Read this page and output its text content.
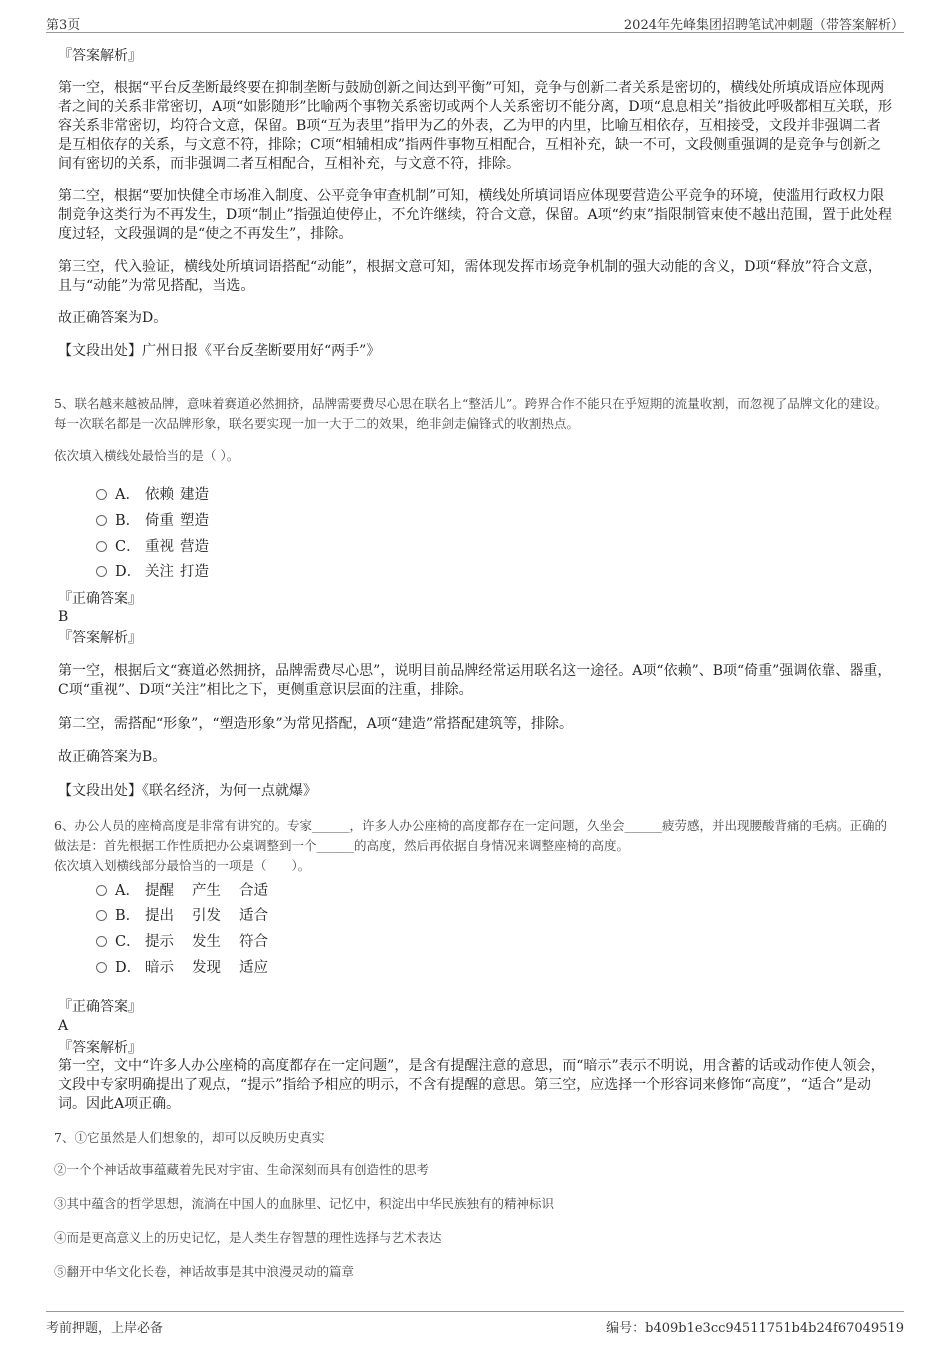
第3页	2024年先峰集团招聘笔试冲刺题（带答案解析）

『答案解析』

第一空，根据“平台反垄断最终要在抑制垄断与鼓励创新之间达到平衡”可知，竞争与创新二者关系是密切的，横线处所填成语应体现两者之间的关系非常密切，A项“如影随形”比喻两个事物关系密切或两个人关系密切不能分离，D项“息息相关”指彼此呼吸都相互关联，形容关系非常密切，均符合文意，保留。B项“互为表里”指甲为乙的外表，乙为甲的内里，比喻互相依存，互相接受，文段并非强调二者是互相依存的关系，与文意不符，排除；C项“相辅相成”指两件事物互相配合，互相补充，缺一不可，文段侧重强调的是竞争与创新之间有密切的关系，而非强调二者互相配合，互相补充，与文意不符，排除。

第二空，根据“要加快健全市场准入制度、公平竞争审查机制”可知，横线处所填词语应体现要营造公平竞争的环境，使滥用行政权力限制竞争这类行为不再发生，D项“制止”指强迫使停止，不允许继续，符合文意，保留。A项“约束”指限制管束使不越出范围，置于此处程度过轻，文段强调的是“使之不再发生”，排除。

第三空，代入验证，横线处所填词语搭配“动能”，根据文意可知，需体现发挥市场竞争机制的强大动能的含义，D项“释放”符合文意，且与“动能”为常见搭配，当选。

故正确答案为D。

【文段出处】广州日报《平台反垄断要用好“两手”》

5、联名越来越被品牌，意味着赛道必然拥挤，品牌需要费尽心思在联名上“整活儿”。跨界合作不能只在乎短期的流量收割，而忽视了品牌文化的建设。每一次联名都是一次品牌形象，联名要实现一加一大于二的效果，绝非剑走偏锋式的收割热点。

依次填入横线处最恰当的是（ ）。

A． 依赖 建造
B． 倚重 塑造
C． 重视 营造
D． 关注 打造

『正确答案』

B

『答案解析』

第一空，根据后文“赛道必然拥挤，品牌需费尽心思”，说明目前品牌经常运用联名这一途径。A项“依赖”、B项“倚重”强调依靠、器重，C项“重视”、D项“关注”相比之下，更侧重意识层面的注重，排除。

第二空，需搭配“形象”，“塑造形象”为常见搭配，A项“建造”常搭配建筑等，排除。

故正确答案为B。

【文段出处】《联名经济，为何一点就爆》

6、办公人员的座椅高度是非常有讲究的。专家______，许多人办公座椅的高度都存在一定问题，久坐会______疲劳感，并出现腰酸背痛的毛病。正确的做法是：首先根据工作性质把办公桌调整到一个______的高度，然后再依据自身情况来调整座椅的高度。

依次填入划横线部分最恰当的一项是（　　）。

A． 提醒 产生 合适
B． 提出 引发 适合
C． 提示 发生 符合
D． 暗示 发现 适应

『正确答案』

A

『答案解析』

第一空，文中“许多人办公座椅的高度都存在一定问题”，是含有提醒注意的意思，而“暗示”表示不明说，用含蓄的话或动作使人领会，文段中专家明确提出了观点，“提示”指给予相应的明示，不含有提醒的意思。第三空，应选择一个形容词来修饰“高度”，“适合”是动词。因此A项正确。

7、①它虽然是人们想象的，却可以反映历史真实

②一个个神话故事蕴藏着先民对宇宙、生命深刻而具有创造性的思考

③其中蕴含的哲学思想，流淌在中国人的血脉里、记忆中，积淀出中华民族独有的精神标识

④而是更高意义上的历史记忆，是人类生存智慧的理性选择与艺术表达

⑤翻开中华文化长卷，神话故事是其中浪漫灵动的篇章

考前押题，上岸必备	编号：b409b1e3cc94511751b4b24f67049519
